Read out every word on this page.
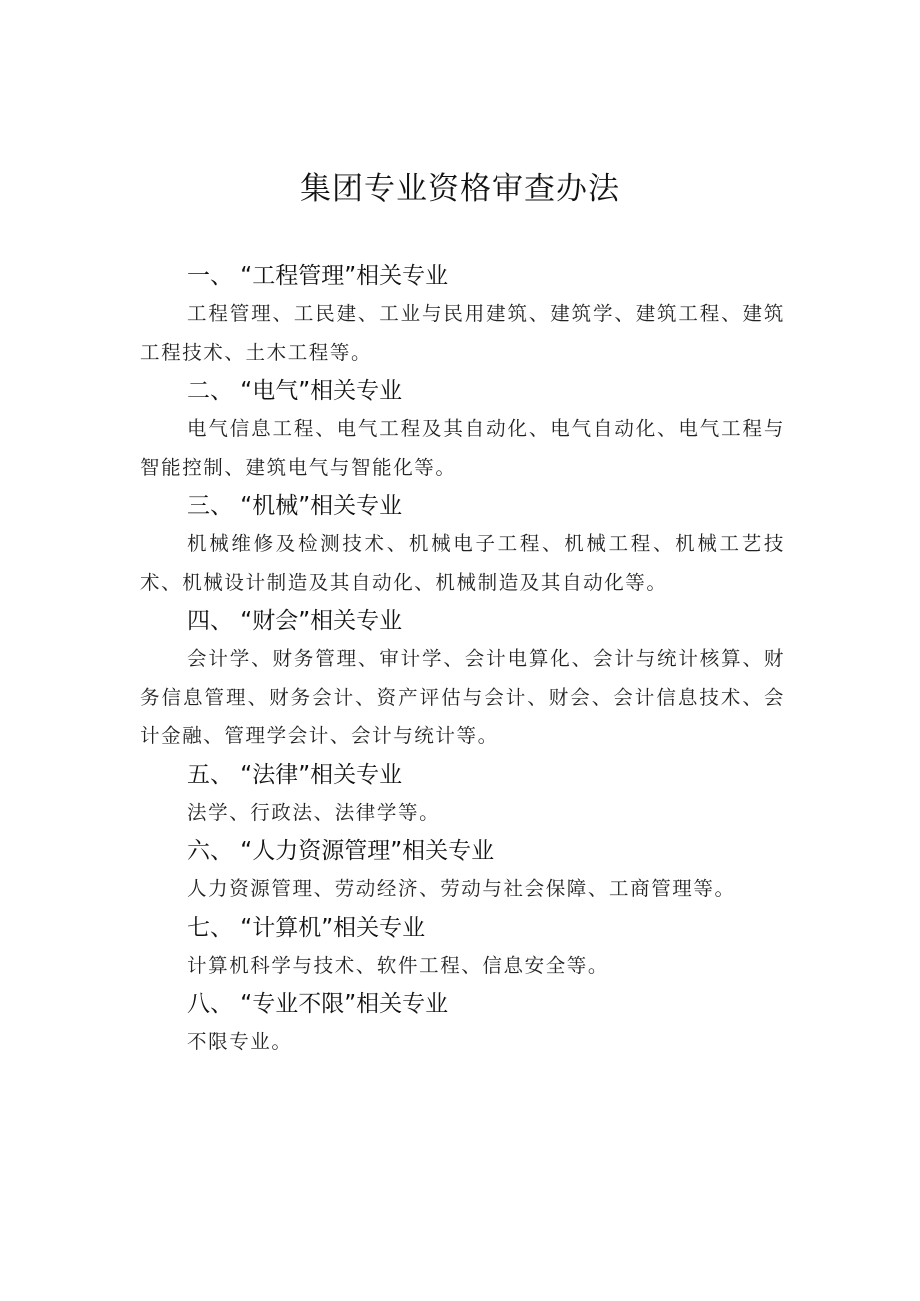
集团专业资格审查办法

一、 “工程管理”相关专业

工程管理、工民建、工业与民用建筑、建筑学、建筑工程、建筑工程技术、土木工程等。

二、 “电气”相关专业

电气信息工程、电气工程及其自动化、电气自动化、电气工程与智能控制、建筑电气与智能化等。

三、 “机械”相关专业

机械维修及检测技术、机械电子工程、机械工程、机械工艺技术、机械设计制造及其自动化、机械制造及其自动化等。

四、 “财会”相关专业

会计学、财务管理、审计学、会计电算化、会计与统计核算、财务信息管理、财务会计、资产评估与会计、财会、会计信息技术、会计金融、管理学会计、会计与统计等。

五、 “法律”相关专业

法学、行政法、法律学等。

六、 “人力资源管理”相关专业

人力资源管理、劳动经济、劳动与社会保障、工商管理等。

七、 “计算机”相关专业

计算机科学与技术、软件工程、信息安全等。

八、 “专业不限”相关专业

不限专业。
